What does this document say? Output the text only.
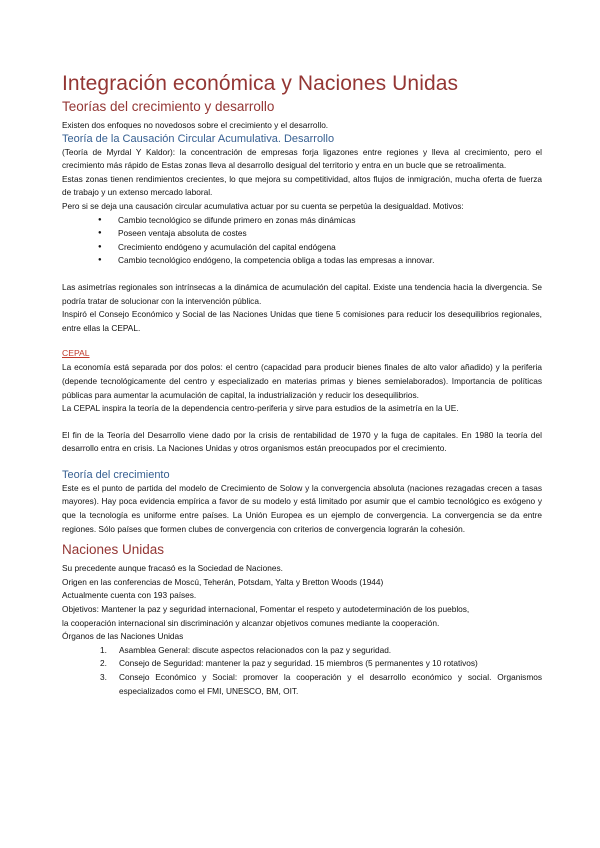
Integración económica y Naciones Unidas
Teorías del crecimiento y desarrollo

Existen dos enfoques no novedosos sobre el crecimiento y el desarrollo.

Teoría de la Causación Circular Acumulativa. Desarrollo

(Teoría de Myrdal Y Kaldor): la concentración de empresas forja ligazones entre regiones y lleva al crecimiento, pero el crecimiento más rápido de Estas zonas lleva al desarrollo desigual del territorio y entra en un bucle que se retroalimenta.

Estas zonas tienen rendimientos crecientes, lo que mejora su competitividad, altos flujos de inmigración, mucha oferta de fuerza de trabajo y un extenso mercado laboral.

Pero si se deja una causación circular acumulativa actuar por su cuenta se perpetúa la desigualdad. Motivos:

● Cambio tecnológico se difunde primero en zonas más dinámicas
● Poseen ventaja absoluta de costes
● Crecimiento endógeno y acumulación del capital endógena
● Cambio tecnológico endógeno, la competencia obliga a todas las empresas a innovar.

Las asimetrías regionales son intrínsecas a la dinámica de acumulación del capital. Existe una tendencia hacia la divergencia. Se podría tratar de solucionar con la intervención pública.

Inspiró el Consejo Económico y Social de las Naciones Unidas que tiene 5 comisiones para reducir los desequilibrios regionales, entre ellas la CEPAL.

CEPAL

La economía está separada por dos polos: el centro (capacidad para producir bienes finales de alto valor añadido) y la periferia (depende tecnológicamente del centro y especializado en materias primas y bienes semielaborados). Importancia de políticas públicas para aumentar la acumulación de capital, la industrialización y reducir los desequilibrios.

La CEPAL inspira la teoría de la dependencia centro-periferia y sirve para estudios de la asimetría en la UE.

El fin de la Teoría del Desarrollo viene dado por la crisis de rentabilidad de 1970 y la fuga de capitales. En 1980 la teoría del desarrollo entra en crisis. La Naciones Unidas y otros organismos están preocupados por el crecimiento.

Teoría del crecimiento

Este es el punto de partida del modelo de Crecimiento de Solow y la convergencia absoluta (naciones rezagadas crecen a tasas mayores). Hay poca evidencia empírica a favor de su modelo y está limitado por asumir que el cambio tecnológico es exógeno y que la tecnología es uniforme entre países. La Unión Europea es un ejemplo de convergencia. La convergencia se da entre regiones. Sólo países que formen clubes de convergencia con criterios de convergencia lograrán la cohesión.

Naciones Unidas

Su precedente aunque fracasó es la Sociedad de Naciones.

Origen en las conferencias de Moscú, Teherán, Potsdam, Yalta y Bretton Woods (1944)

Actualmente cuenta con 193 países.

Objetivos: Mantener la paz y seguridad internacional, Fomentar el respeto y autodeterminación de los pueblos,

la cooperación internacional sin discriminación y alcanzar objetivos comunes mediante la cooperación.

Órganos de las Naciones Unidas

1. Asamblea General: discute aspectos relacionados con la paz y seguridad.
2. Consejo de Seguridad: mantener la paz y seguridad. 15 miembros (5 permanentes y 10 rotativos)
3. Consejo Económico y Social: promover la cooperación y el desarrollo económico y social. Organismos especializados como el FMI, UNESCO, BM, OIT.
